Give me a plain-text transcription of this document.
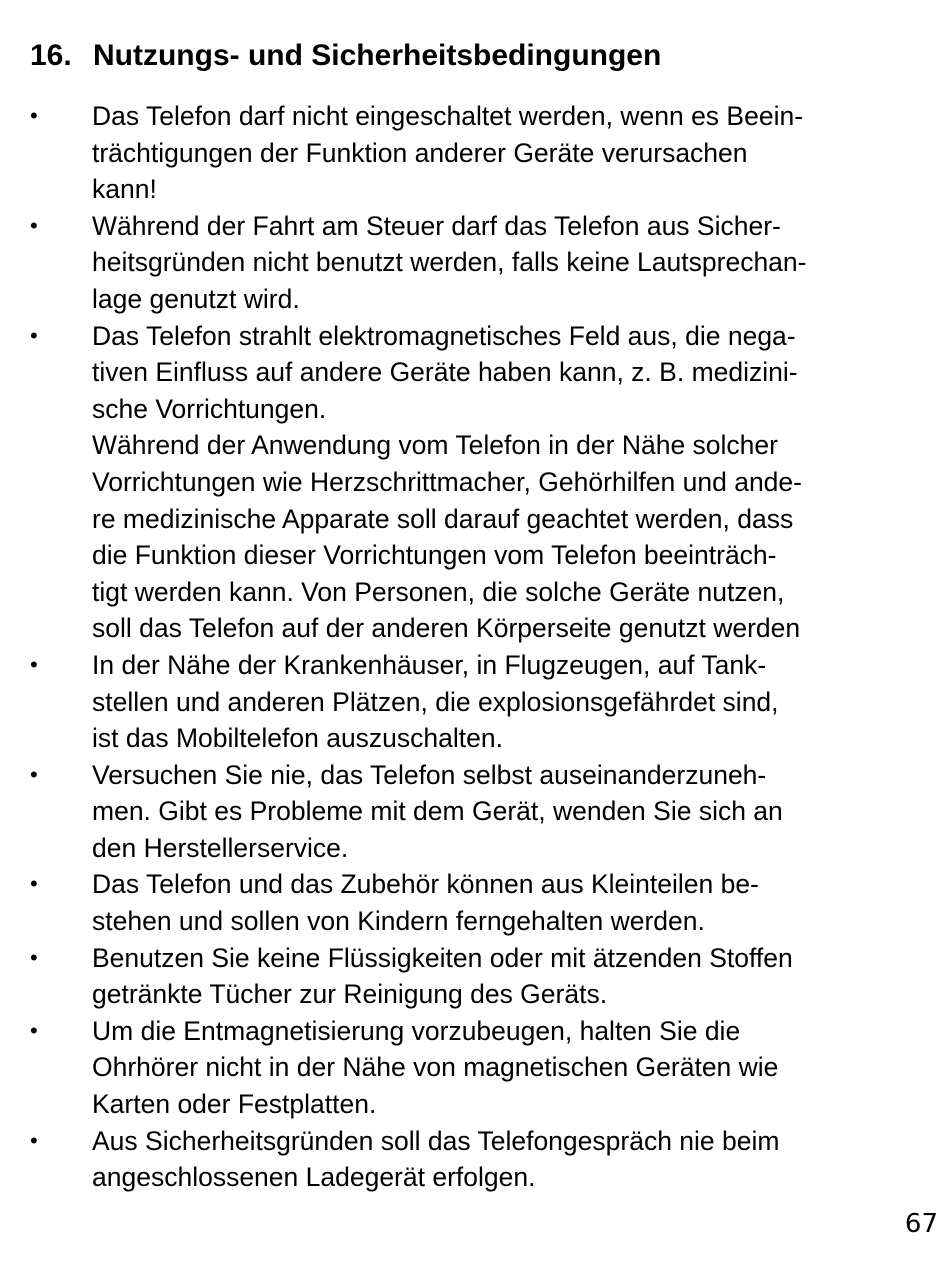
16. Nutzungs- und Sicherheitsbedingungen
• Das Telefon darf nicht eingeschaltet werden, wenn es Beein-
trächtigungen der Funktion anderer Geräte verursachen
kann!
• Während der Fahrt am Steuer darf das Telefon aus Sicher-
heitsgründen nicht benutzt werden, falls keine Lautsprechan-
lage genutzt wird.
• Das Telefon strahlt elektromagnetisches Feld aus, die nega-
tiven Einfluss auf andere Geräte haben kann, z. B. medizini-
sche Vorrichtungen.
Während der Anwendung vom Telefon in der Nähe solcher
Vorrichtungen wie Herzschrittmacher, Gehörhilfen und ande-
re medizinische Apparate soll darauf geachtet werden, dass
die Funktion dieser Vorrichtungen vom Telefon beeinträch-
tigt werden kann. Von Personen, die solche Geräte nutzen,
soll das Telefon auf der anderen Körperseite genutzt werden
• In der Nähe der Krankenhäuser, in Flugzeugen, auf Tank-
stellen und anderen Plätzen, die explosionsgefährdet sind,
ist das Mobiltelefon auszuschalten.
• Versuchen Sie nie, das Telefon selbst auseinanderzuneh-
men. Gibt es Probleme mit dem Gerät, wenden Sie sich an
den Herstellerservice.
• Das Telefon und das Zubehör können aus Kleinteilen be-
stehen und sollen von Kindern ferngehalten werden.
• Benutzen Sie keine Flüssigkeiten oder mit ätzenden Stoffen
getränkte Tücher zur Reinigung des Geräts.
• Um die Entmagnetisierung vorzubeugen, halten Sie die
Ohrhörer nicht in der Nähe von magnetischen Geräten wie
Karten oder Festplatten.
• Aus Sicherheitsgründen soll das Telefongespräch nie beim
angeschlossenen Ladegerät erfolgen.
67
